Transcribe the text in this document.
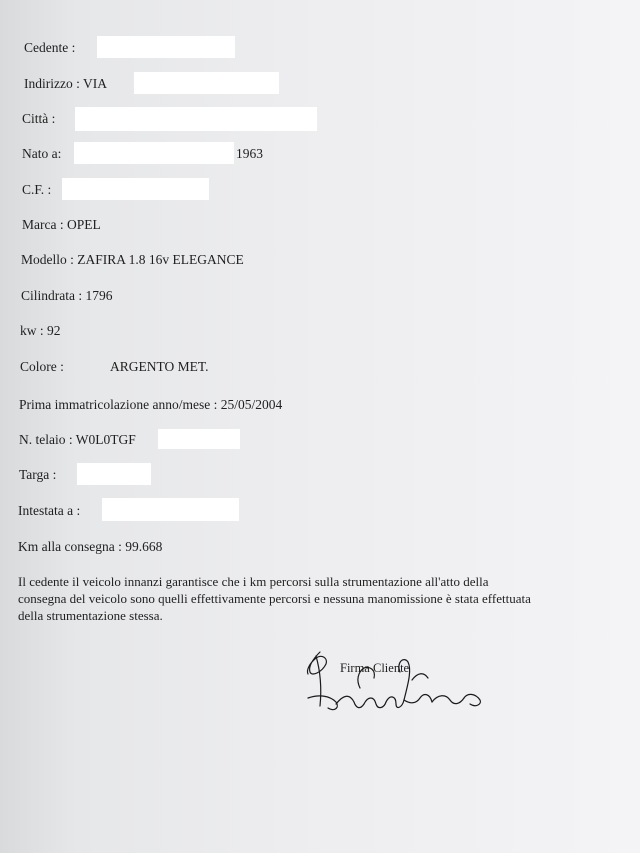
Cedente :
Indirizzo : VIA
Città :
Nato a:	1963
C.F. :
Marca : OPEL
Modello : ZAFIRA 1.8 16v ELEGANCE
Cilindrata : 1796
kw : 92
Colore :	ARGENTO MET.
Prima immatricolazione anno/mese : 25/05/2004
N. telaio : W0L0TGF
Targa :
Intestata a :
Km alla consegna : 99.668
Il cedente il veicolo innanzi garantisce che i km percorsi sulla strumentazione all'atto della
consegna del veicolo sono quelli effettivamente percorsi e nessuna manomissione è stata effettuata
della strumentazione stessa.
Firma Cliente
